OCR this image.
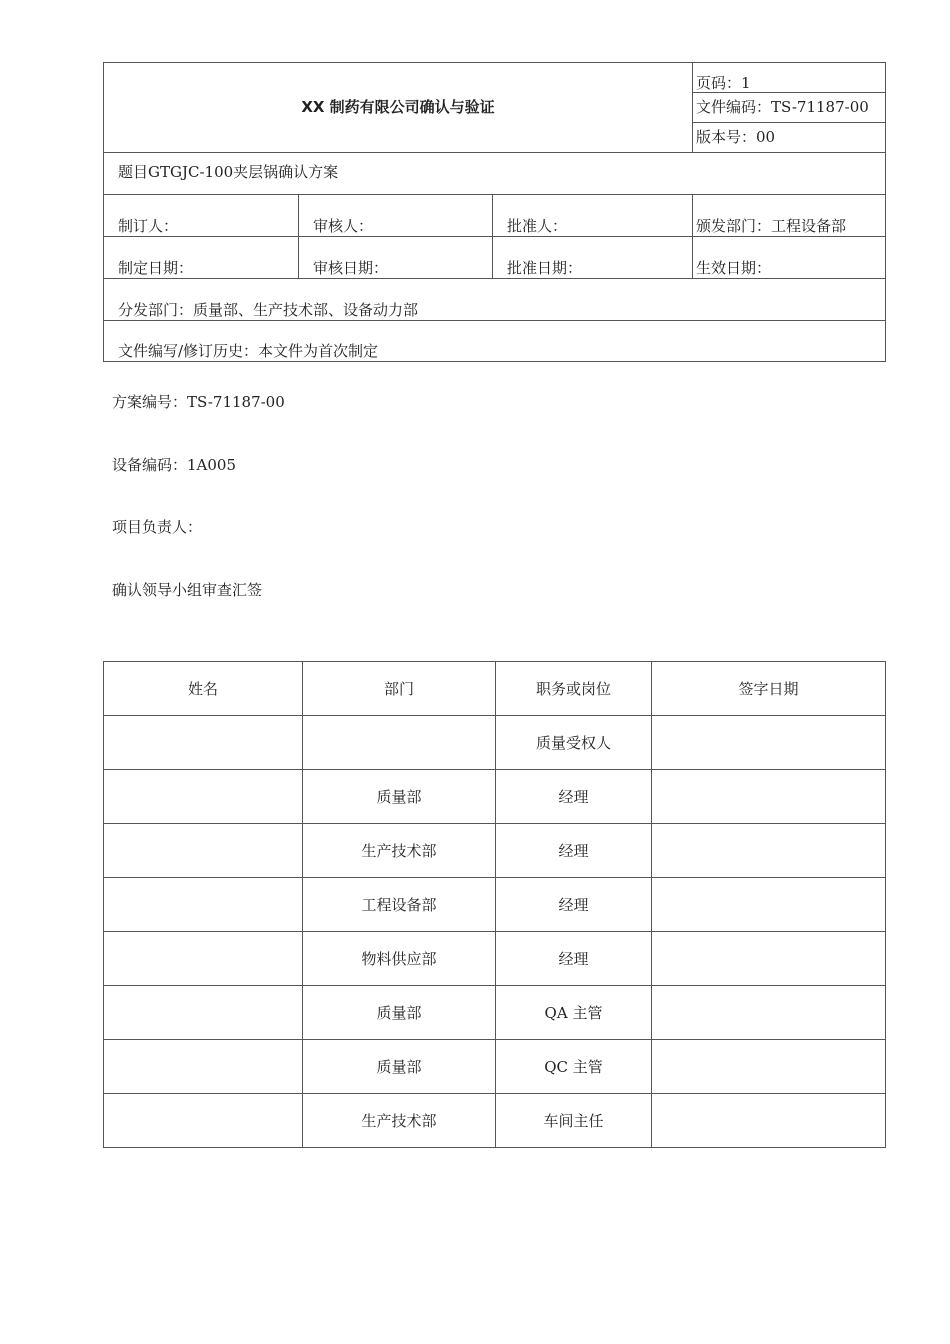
XX 制药有限公司确认与验证			页码：1
			文件编码：TS-71187-00
			版本号：00
题目GTGJC-100夹层锅确认方案			
制订人：	审核人：	批准人：	颁发部门：工程设备部
制定日期：	审核日期：	批准日期：	生效日期：
分发部门：质量部、生产技术部、设备动力部			
文件编写/修订历史：本文件为首次制定			
方案编号：TS-71187-00
设备编码：1A005
项目负责人：
确认领导小组审查汇签
姓名	部门	职务或岗位	签字日期
		质量受权人	
	质量部	经理	
	生产技术部	经理	
	工程设备部	经理	
	物料供应部	经理	
	质量部	QA 主管	
	质量部	QC 主管	
	生产技术部	车间主任	
